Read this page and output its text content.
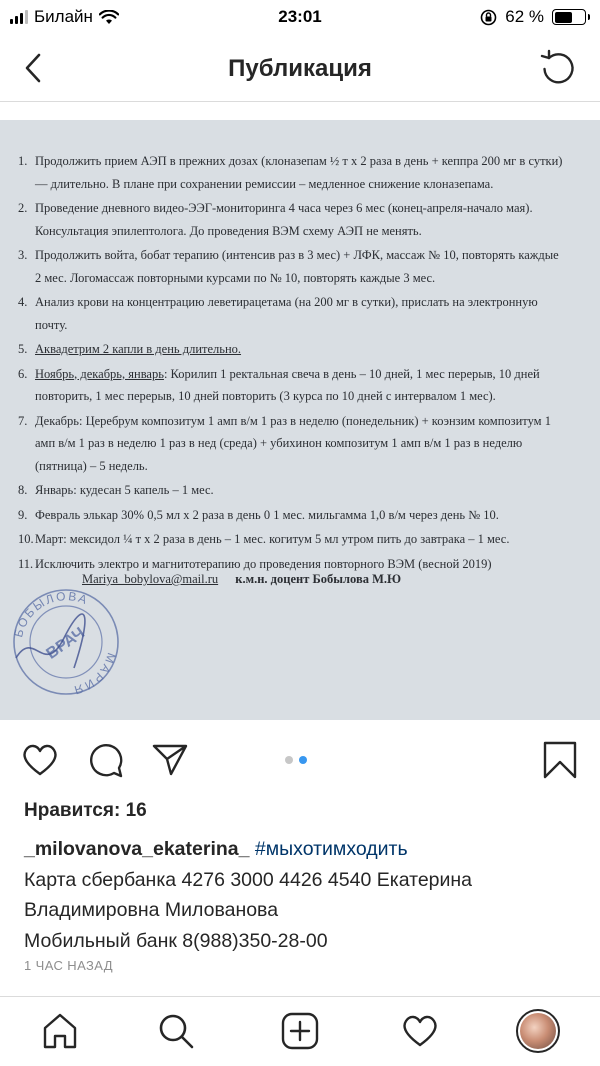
Билайн	23:01	62 %
Публикация
1. Продолжить прием АЭП в прежних дозах (клоназепам ½ т х 2 раза в день + кеппра 200 мг в сутки) — длительно. В плане при сохранении ремиссии – медленное снижение клоназепама.
2. Проведение дневного видео-ЭЭГ-мониторинга 4 часа через 6 мес (конец-апреля-начало мая). Консультация эпилептолога. До проведения ВЭМ схему АЭП не менять.
3. Продолжить войта, бобат терапию (интенсив раз в 3 мес) + ЛФК, массаж № 10, повторять каждые 2 мес. Логомассаж повторными курсами по № 10, повторять каждые 3 мес.
4. Анализ крови на концентрацию леветирацетама (на 200 мг в сутки), прислать на электронную почту.
5. Аквадетрим 2 капли в день длительно.
6. Ноябрь, декабрь, январь: Корилип 1 ректальная свеча в день – 10 дней, 1 мес перерыв, 10 дней повторить, 1 мес перерыв, 10 дней повторить (3 курса по 10 дней с интервалом 1 мес).
7. Декабрь: Церебрум композитум 1 амп в/м 1 раз в неделю (понедельник) + коэнзим композитум 1 амп в/м 1 раз в неделю 1 раз в нед (среда) + убихинон композитум 1 амп в/м 1 раз в неделю (пятница) – 5 недель.
8. Январь: кудесан 5 капель – 1 мес.
9. Февраль элькар 30% 0,5 мл х 2 раза в день 0 1 мес. мильгамма 1,0 в/м через день № 10.
10. Март: мексидол ¼ т х 2 раза в день – 1 мес. когитум 5 мл утром пить до завтрака – 1 мес.
11. Исключить электро и магнитотерапию до проведения повторного ВЭМ (весной 2019)
Mariya_bobylova@mail.ru к.м.н. доцент Бобылова М.Ю
БОБЫЛОВА
ВРАЧ	МАРИЯ
Нравится: 16
_milovanova_ekaterina_ #мыхотимходить
Карта сбербанка 4276 3000 4426 4540 Екатерина
Владимировна Милованова
Мобильный банк 8(988)350-28-00
1 ЧАС НАЗАД
